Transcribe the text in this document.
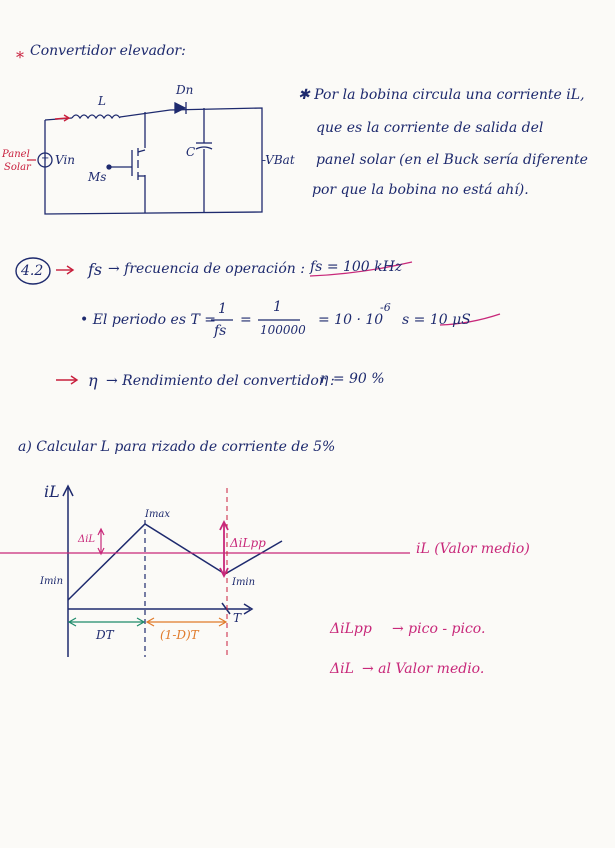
* Convertidor elevador:
+ Vin
L
Dn
Ms
C
-VBat
Panel
Solar
✱ Por la bobina circula una corriente iL,
que es la corriente de salida del
panel solar (en el Buck sería diferente
por que la bobina no está ahí).
4.2	fs → frecuencia de operación : fs = 100 kHz
• El periodo es T =
1
fs
=
1
100000
= 10 · 10
-6
s = 10 μS
η → Rendimiento del convertidor :
η = 90 %
a) Calcular L para rizado de corriente de 5%
iL
Imax
Imin	Imin
ΔiL	ΔiLpp
T
DT	(1-D)T
iL (Valor medio)
ΔiLpp → pico - pico.
ΔiL → al Valor medio.
